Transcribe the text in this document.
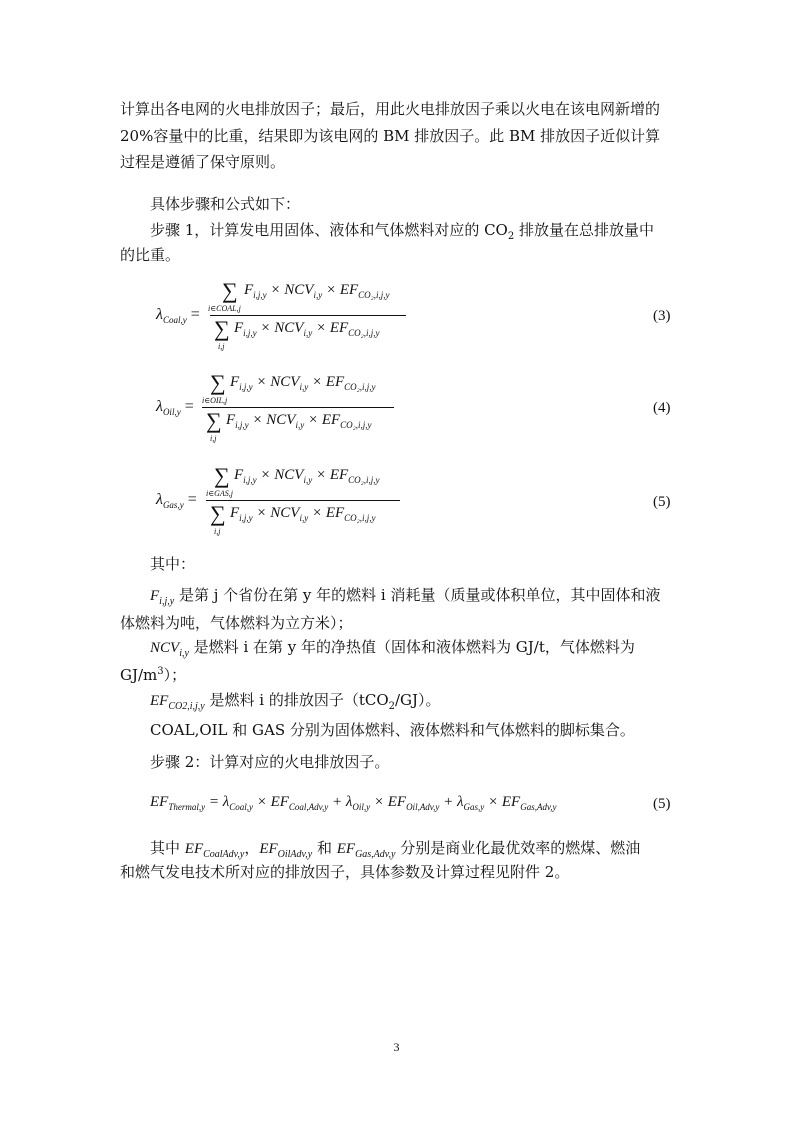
计算出各电网的火电排放因子；最后，用此火电排放因子乘以火电在该电网新增的 20%容量中的比重，结果即为该电网的 BM 排放因子。此 BM 排放因子近似计算过程是遵循了保守原则。
具体步骤和公式如下：
步骤 1，计算发电用固体、液体和气体燃料对应的 $CO_2$ 排放量在总排放量中
的比重。
$\lambda_{Coal,y}$ =
∑ $F_{i,j,y} \times NCV_{i,y} \times EF_{CO_2,i,j,y}$
i∈COAL,j
∑ $F_{i,j,y} \times NCV_{i,y} \times EF_{CO_2,i,j,y}$
i,j
(3)
$\lambda_{Oil,y}$ =
∑ $F_{i,j,y} \times NCV_{i,y} \times EF_{CO_2,i,j,y}$
i∈OIL,j
∑ $F_{i,j,y} \times NCV_{i,y} \times EF_{CO_2,i,j,y}$
i,j
(4)
$\lambda_{Gas,y}$ =
∑ $F_{i,j,y} \times NCV_{i,y} \times EF_{CO_2,i,j,y}$
i∈GAS,j
∑ $F_{i,j,y} \times NCV_{i,y} \times EF_{CO_2,i,j,y}$
i,j
(5)
其中：
$F_{i,j,y}$ 是第 j 个省份在第 y 年的燃料 i 消耗量（质量或体积单位，其中固体和液体燃料为吨，气体燃料为立方米）；
$NCV_{i,y}$ 是燃料 i 在第 y 年的净热值（固体和液体燃料为 GJ/t，气体燃料为 $GJ/m^3$）；
$EF_{CO2,i,j,y}$ 是燃料 i 的排放因子（tCO$_2$/GJ）。
COAL,OIL 和 GAS 分别为固体燃料、液体燃料和气体燃料的脚标集合。
步骤 2：计算对应的火电排放因子。
$EF_{Thermal,y} = \lambda_{Coal,y} \times EF_{Coal,Adv,y} + \lambda_{Oil,y} \times EF_{Oil,Adv,y} + \lambda_{Gas,y} \times EF_{Gas,Adv,y}$	(5)
其中 $EF_{CoalAdv,y}$，$EF_{OilAdv,y}$ 和 $EF_{Gas,Adv,y}$ 分别是商业化最优效率的燃煤、燃油
和燃气发电技术所对应的排放因子，具体参数及计算过程见附件 2。
3
